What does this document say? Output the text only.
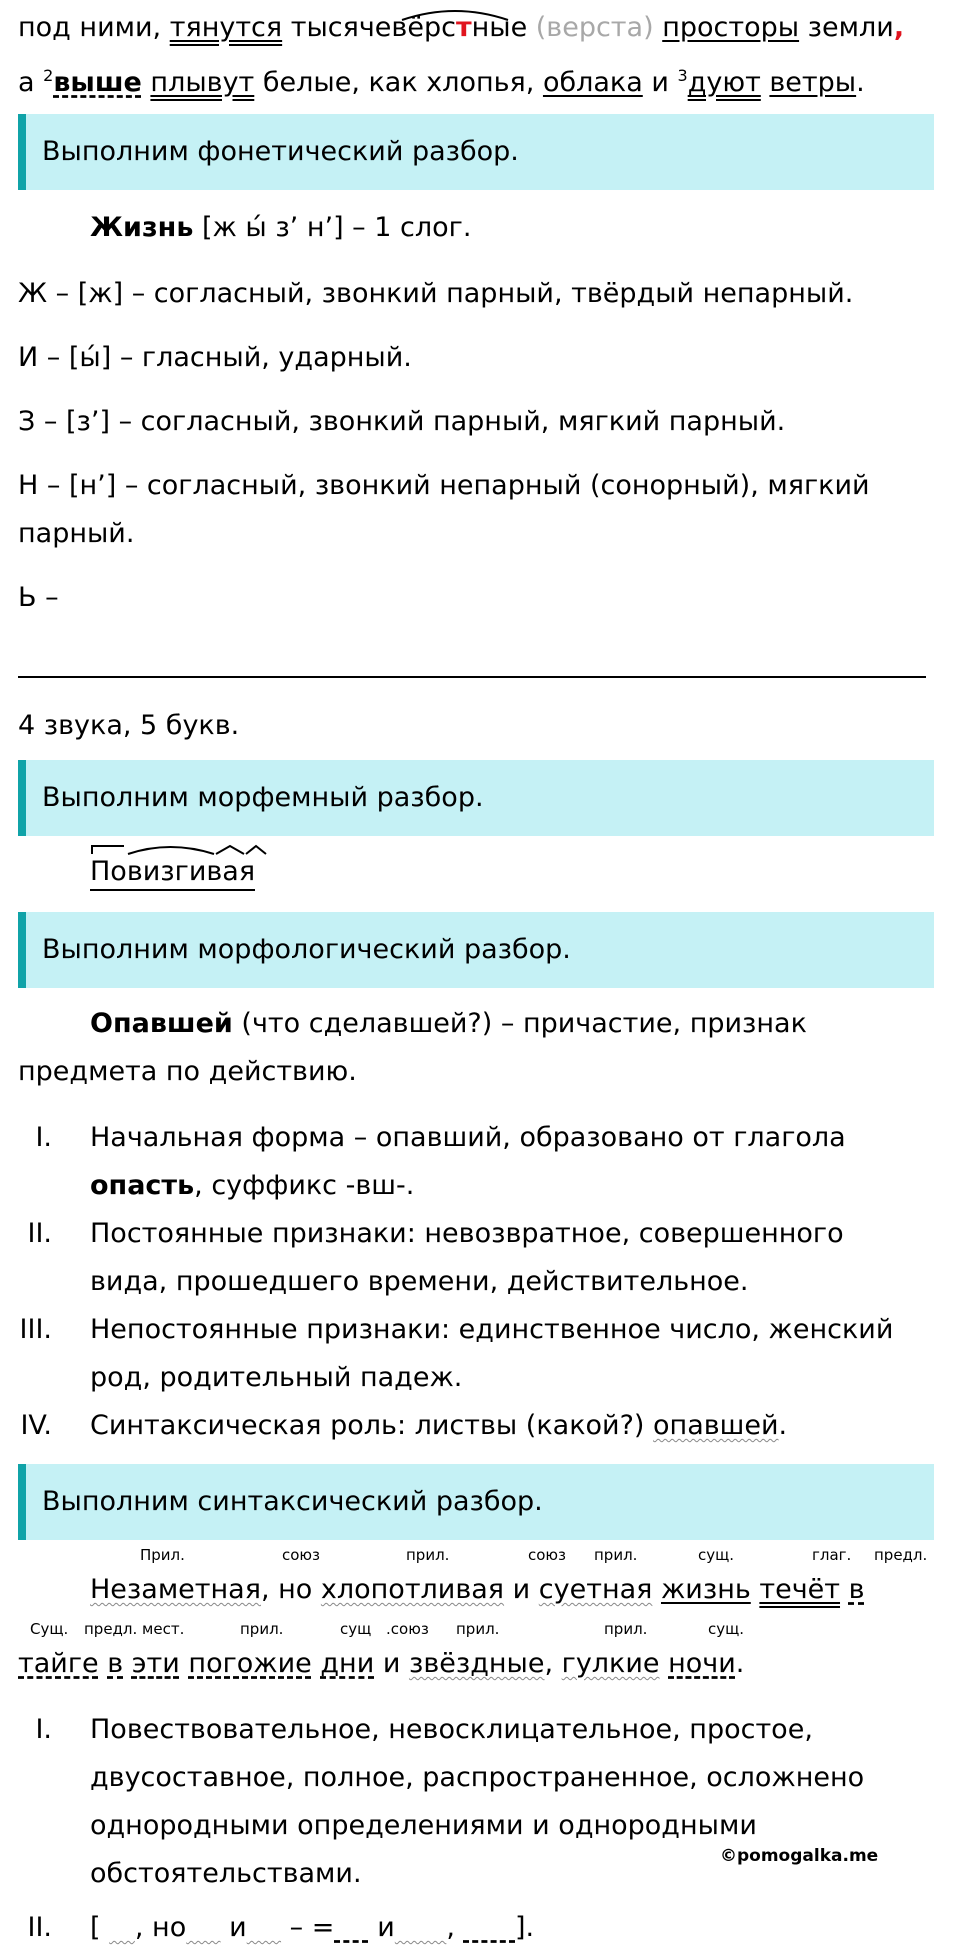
под ними, тянутся тысячевёрстные (верста) просторы земли,
а $^2$выше плывут белые, как хлопья, облака и $^3$дуют ветры.
Выполним фонетический разбор.
Жизнь [ж ы́ з’ н’] – 1 слог.
Ж – [ж] – согласный, звонкий парный, твёрдый непарный.
И – [ы́] – гласный, ударный.
З – [з’] – согласный, звонкий парный, мягкий парный.
Н – [н’] – согласный, звонкий непарный (сонорный), мягкий
парный.
Ь –
4 звука, 5 букв.
Выполним морфемный разбор.
Повизгивая
Выполним морфологический разбор.
Опавшей (что сделавшей?) – причастие, признак
предмета по действию.
I. Начальная форма – опавший, образовано от глагола
опасть, суффикс -вш-.
II. Постоянные признаки: невозвратное, совершенного
вида, прошедшего времени, действительное.
III. Непостоянные признаки: единственное число, женский
род, родительный падеж.
IV. Синтаксическая роль: листвы (какой?) опавшей.
Выполним синтаксический разбор.
Прил.	союз	прил.	союз прил.	сущ.	глаг. предл.
Незаметная, но хлопотливая и суетная жизнь течёт в
Сущ. предл. мест.	прил.	сущ .союз прил.	прил.	сущ.
тайге в эти погожие дни и звёздные, гулкие ночи.
I. Повествовательное, невосклицательное, простое,
двусоставное, полное, распространенное, осложнено
однородными определениями и однородными
обстоятельствами.
©pomogalka.me
II. [    , но     и     – =     и ,       ].
